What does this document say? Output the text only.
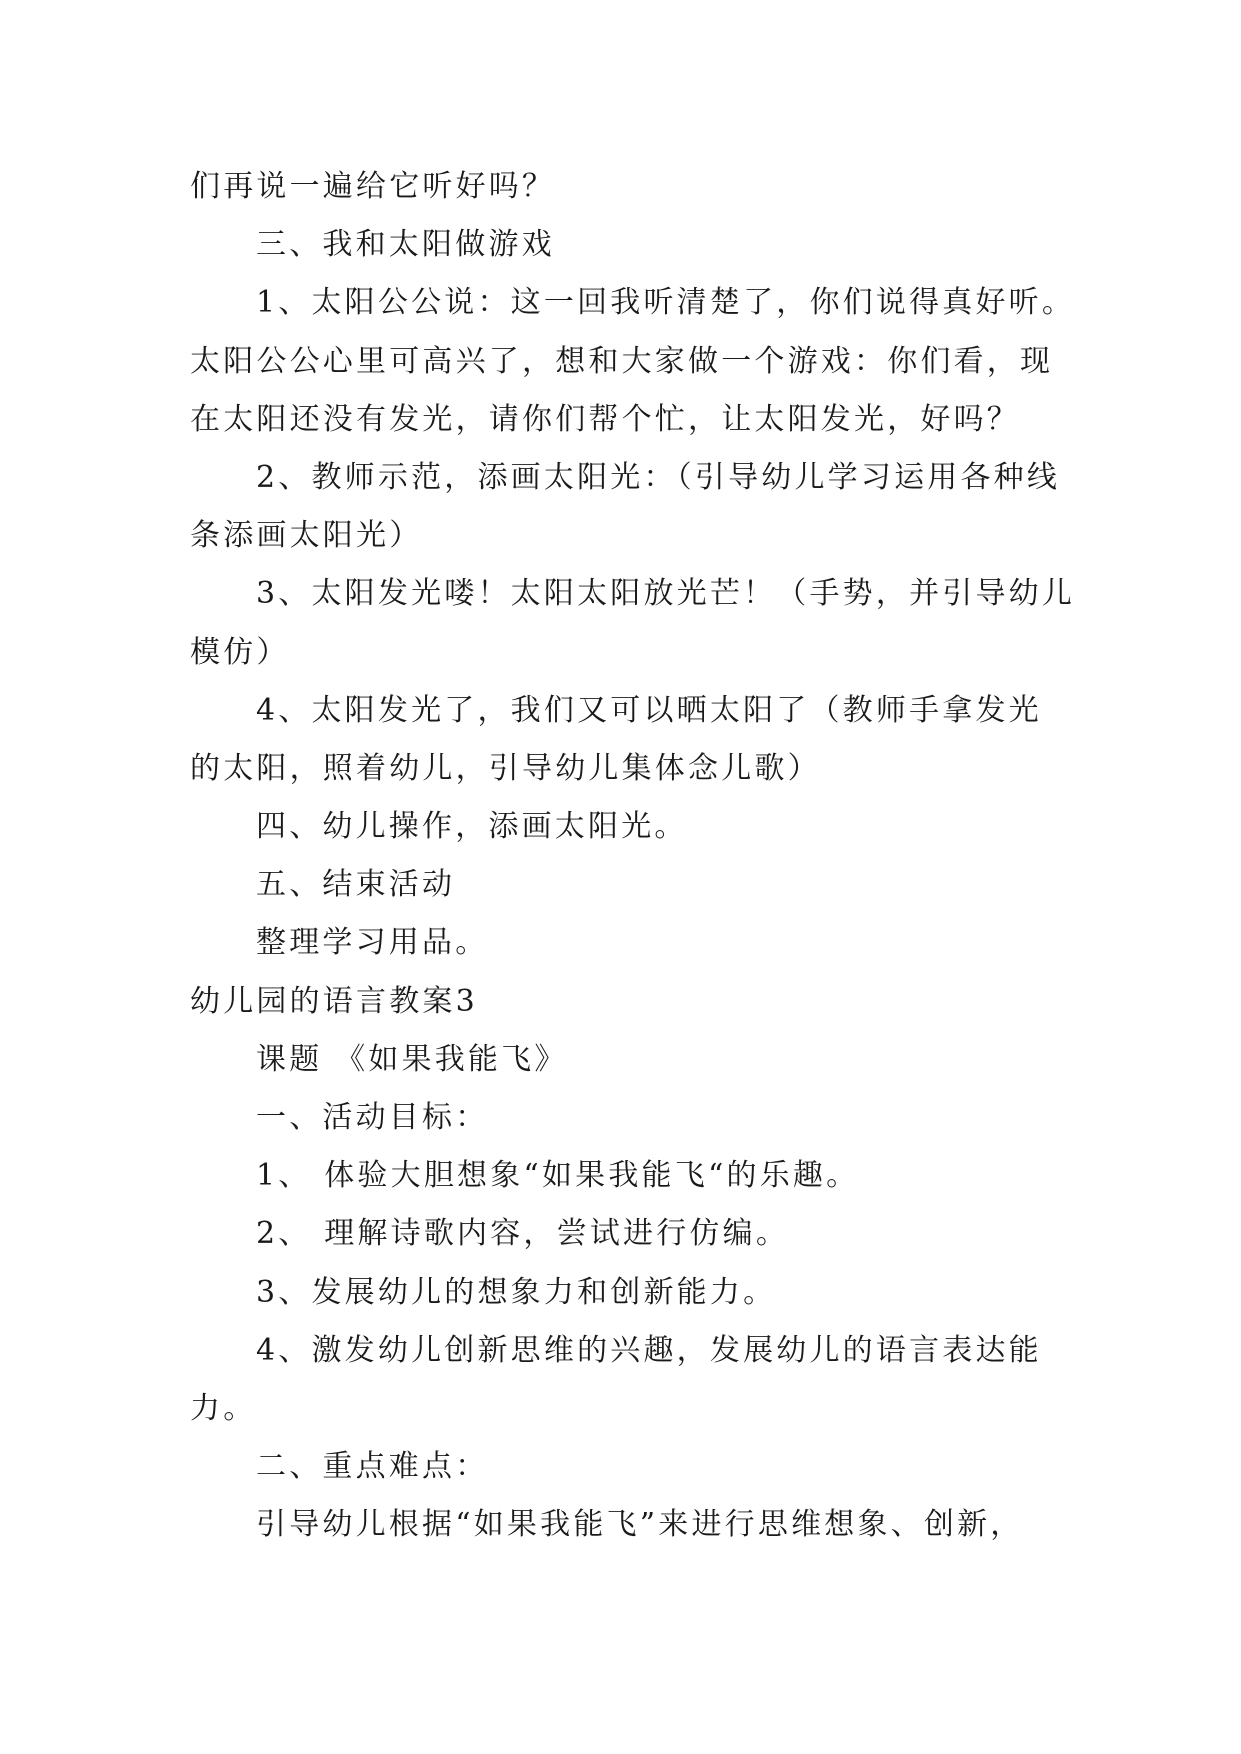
们再说一遍给它听好吗？
三、我和太阳做游戏
1、太阳公公说：这一回我听清楚了，你们说得真好听。
太阳公公心里可高兴了，想和大家做一个游戏：你们看，现
在太阳还没有发光，请你们帮个忙，让太阳发光，好吗？
2、教师示范，添画太阳光：（引导幼儿学习运用各种线
条添画太阳光）
3、太阳发光喽！太阳太阳放光芒！（手势，并引导幼儿
模仿）
4、太阳发光了，我们又可以晒太阳了（教师手拿发光
的太阳，照着幼儿，引导幼儿集体念儿歌）
四、幼儿操作，添画太阳光。
五、结束活动
整理学习用品。
幼儿园的语言教案3
课题 《如果我能飞》
一、活动目标：
1、 体验大胆想象“如果我能飞“的乐趣。
2、 理解诗歌内容，尝试进行仿编。
3、发展幼儿的想象力和创新能力。
4、激发幼儿创新思维的兴趣，发展幼儿的语言表达能
力。
二、重点难点：
引导幼儿根据“如果我能飞”来进行思维想象、创新，
